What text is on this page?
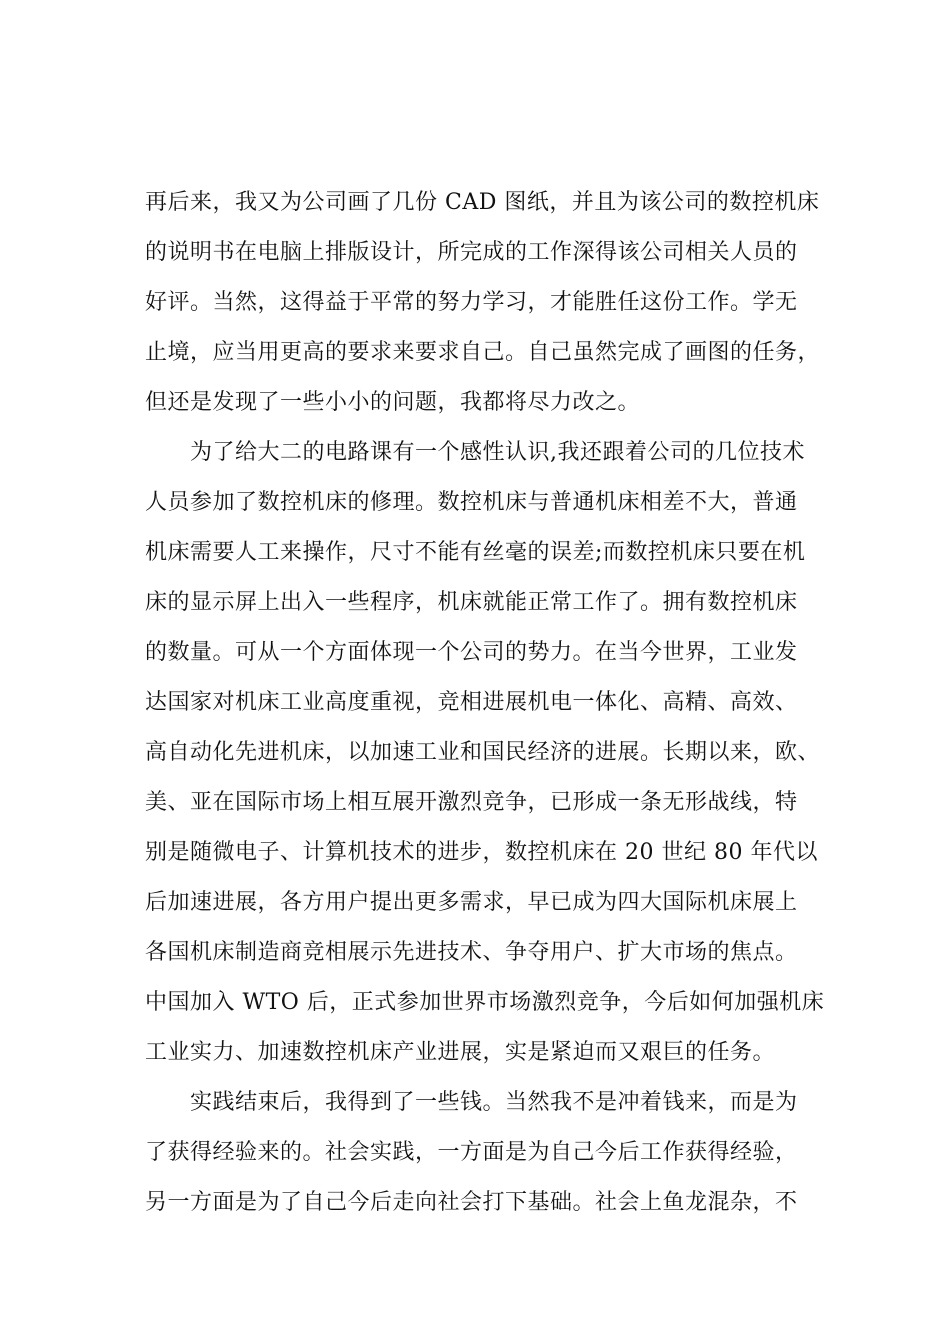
再后来，我又为公司画了几份 CAD 图纸，并且为该公司的数控机床
的说明书在电脑上排版设计，所完成的工作深得该公司相关人员的
好评。当然，这得益于平常的努力学习，才能胜任这份工作。学无
止境，应当用更高的要求来要求自己。自己虽然完成了画图的任务，
但还是发现了一些小小的问题，我都将尽力改之。
　　为了给大二的电路课有一个感性认识,我还跟着公司的几位技术
人员参加了数控机床的修理。数控机床与普通机床相差不大，普通
机床需要人工来操作，尺寸不能有丝毫的误差;而数控机床只要在机
床的显示屏上出入一些程序，机床就能正常工作了。拥有数控机床
的数量。可从一个方面体现一个公司的势力。在当今世界，工业发
达国家对机床工业高度重视，竞相进展机电一体化、高精、高效、
高自动化先进机床，以加速工业和国民经济的进展。长期以来，欧、
美、亚在国际市场上相互展开激烈竞争，已形成一条无形战线，特
别是随微电子、计算机技术的进步，数控机床在 20 世纪 80 年代以
后加速进展，各方用户提出更多需求，早已成为四大国际机床展上
各国机床制造商竞相展示先进技术、争夺用户、扩大市场的焦点。
中国加入 WTO 后，正式参加世界市场激烈竞争，今后如何加强机床
工业实力、加速数控机床产业进展，实是紧迫而又艰巨的任务。
　　实践结束后，我得到了一些钱。当然我不是冲着钱来，而是为
了获得经验来的。社会实践，一方面是为自己今后工作获得经验，
另一方面是为了自己今后走向社会打下基础。社会上鱼龙混杂，不
